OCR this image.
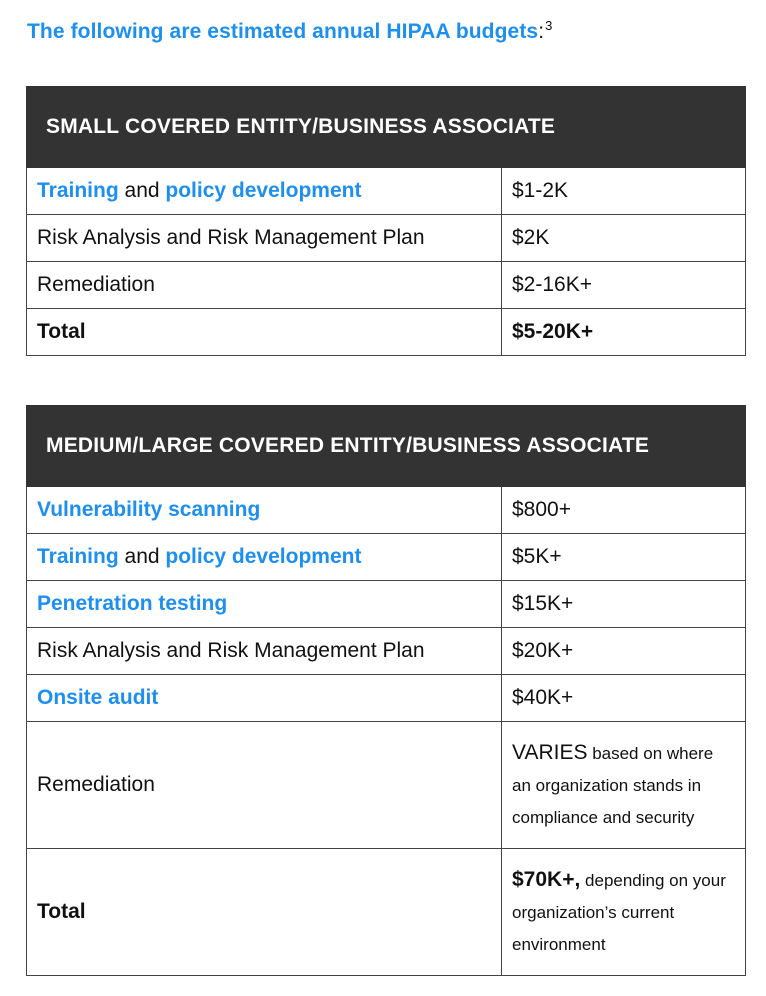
The following are estimated annual HIPAA budgets:$^3$
SMALL COVERED ENTITY/BUSINESS ASSOCIATE	
Training and policy development	$1-2K
Risk Analysis and Risk Management Plan	$2K
Remediation	$2-16K+
Total	$5-20K+
MEDIUM/LARGE COVERED ENTITY/BUSINESS ASSOCIATE	
Vulnerability scanning	$800+
Training and policy development	$5K+
Penetration testing	$15K+
Risk Analysis and Risk Management Plan	$20K+
Onsite audit	$40K+
Remediation	VARIES based on where an organization stands in compliance and security

Total	$70K+, depending on your organization’s current environment
